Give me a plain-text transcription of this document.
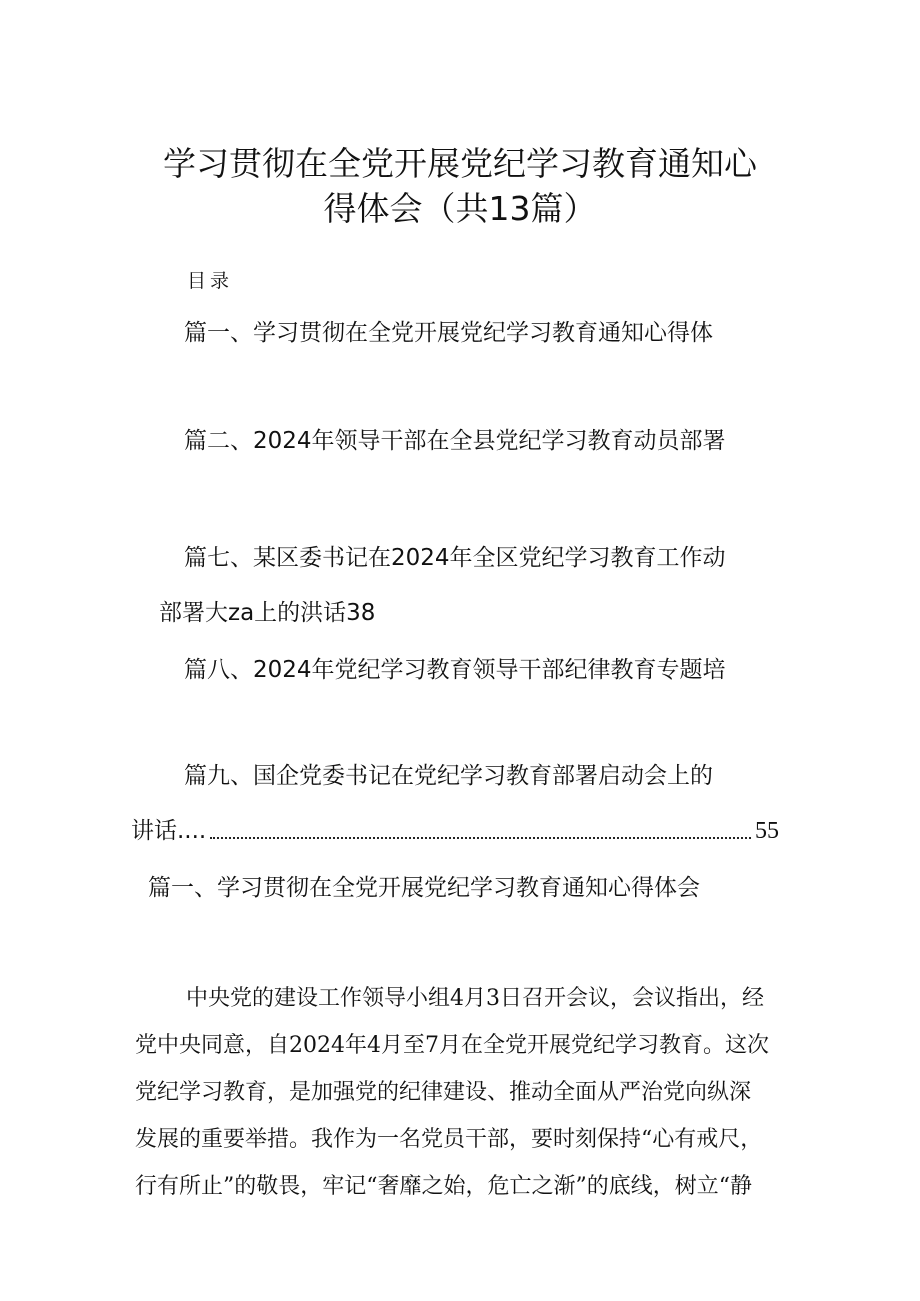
学习贯彻在全党开展党纪学习教育通知心
得体会（共13篇）
目录
篇一、学习贯彻在全党开展党纪学习教育通知心得体
篇二、2024年领导干部在全县党纪学习教育动员部署
篇七、某区委书记在2024年全区党纪学习教育工作动
部署大za上的洪话38
篇八、2024年党纪学习教育领导干部纪律教育专题培
篇九、国企党委书记在党纪学习教育部署启动会上的
讲话....	55
篇一、学习贯彻在全党开展党纪学习教育通知心得体会
中央党的建设工作领导小组4月3日召开会议，会议指出，经
党中央同意，自2024年4月至7月在全党开展党纪学习教育。这次
党纪学习教育，是加强党的纪律建设、推动全面从严治党向纵深
发展的重要举措。我作为一名党员干部，要时刻保持“心有戒尺，
行有所止”的敬畏，牢记“奢靡之始，危亡之渐”的底线，树立“静
